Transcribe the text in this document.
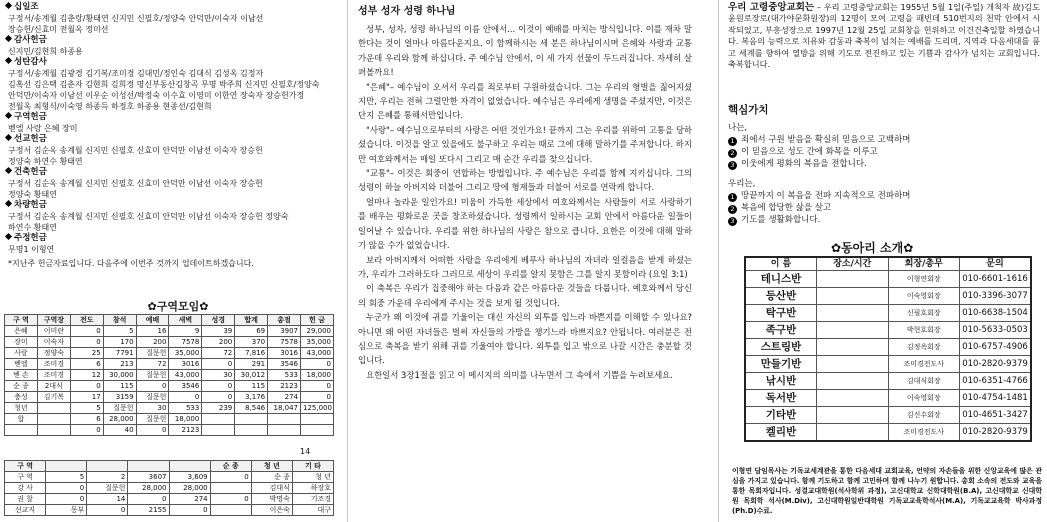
십일조
구정서/송계월 김춘랑/황태연 신지민 신필호/정양숙 안덕만/이숙자 이남선
장승헌/신효미 전월옥 정미선
감사헌금
신지민/김현희 하종용
성탄감사
구정서/송계월 김광경 김기복/조미경 김대민/정인숙 김대식 김성옥 김정자
김혹선 김은택 김춘자 김현희 김희정 명신부동산김창곡 무명 박주희 신지민 신필호/정양숙
안덕만/이숙자 이남선 이우순 이성선/박정숙 이수효 이영미 이한연 장숙자 장승헌가정
전월옥 최형식/이숙영 하종득 하정호 하종용 현종선/김현희
구역헌금
벧엘 사랑 은혜 장미
선교헌금
구정서 김순옥 송계월 신지민 신필호 신효미 안덕만 이남선 이숙자 장승헌
정양숙 하연수 황태연
건축헌금
구정서 김순옥 송계월 신지민 신필호 신효미 안덕만 이남선 이숙자 장승헌
정양숙 황태연
차량헌금
구정서 김순옥 송계월 신지민 신필호 신효미 안덕만 이남선 이숙자 장승헌 정양숙
하연수 황태연
주정헌금
무명1 이형연
*지난주 헌금자료입니다. 다음주에 이번주 것까지 업데이트하겠습니다.
✿구역모임✿
구 역	구역장	전도	참석	예배	새벽	성경	합계	총점	헌 금
은혜	이미란	0	5	16	9	39	69	3907	29,000
장미	이숙자	0	170	200	7578	200	370	7578	35,000
사랑	정양숙	25	7791	질문헌	35,000	72	7,816	3016	43,000
벧엘	조미경	6	213	72	3016	0	291	3546	0
벧 손	조미경	12	30,000	질문헌	43,000	30	30,012	533	18,000
순 종	2대식	0	115	0	3546	0	115	2123	0
충성	김기복	17	3159	질문헌	0	0	3,176	274	0
청년		5	질문헌	30	533	239	8,546	18,047	125,000
합		6	28,000	질문헌	18,000				
		0	40	0	2123				
14
구 역					순 종	청 년	기 타
구 역	5	2	3607	3,609	0	순 종	청 년
강 사	0	질문헌	28,000	28,000		김대식	하장호
권 찰	0	14	0	274	0	박명숙	기조경
선교지	동부	0	2155	0		이은숙	대구
성부 성자 성령 하나님

성부, 성자, 성령 하나님의 이름 안에서... 이것이 예배를 마치는 방식입니다. 이를 재차 말한다는 것이 얼마나 아름다운지요. 이 함께하시는 세 분은 하나님이시며 은혜와 사랑과 교통 가운데 우리와 함께 하십니다. 주 예수님 안에서, 이 세 가지 선물이 두드러집니다. 자세히 살펴볼까요!

"은혜"– 예수님이 오셔서 우리를 죄로부터 구원하셨습니다. 그는 우리의 형벌을 짊어지셨지만, 우리는 전혀 그럴만한 자격이 없었습니다. 예수님은 우리에게 생명을 주셨지만, 이것은 단지 은혜를 통해서만입니다.

"사랑"– 예수님으로부터의 사랑은 어떤 것인가요! 끝까지 그는 우리를 위하여 고통을 당하셨습니다. 이것을 알고 있을에도 불구하고 우리는 때로 그에 대해 말하기를 주저합니다. 하지만 여호와께서는 매일 또다시 그리고 매 순간 우리를 찾으십니다.

"교통"– 이것은 회중이 연합하는 방법입니다. 주 예수님은 우리를 함께 지키십니다. 그의 성령이 하늘 아버지와 더불어 그리고 땅에 형제들과 더불어 서로를 연락케 합니다.

얼마나 놀라운 일인가요! 미움이 가득한 세상에서 여호와께서는 사람들이 서로 사랑하기를 배우는 평화로운 곳을 창조하셨습니다. 성령께서 일하시는 교회 안에서 아름다운 일들이 일어날 수 있습니다. 우리를 위한 하나님의 사랑은 참으로 큽니다. 요한은 이것에 대해 말하기 않을 수가 없었습니다.

보라 아버지께서 어떠한 사랑을 우리에게 베푸사 하나님의 자녀라 일컬음을 받게 하셨는가, 우리가 그러하도다 그러므로 세상이 우리를 알지 못함은 그를 알지 못함이라 (요일 3:1)

이 축복은 우리가 집중해야 하는 다음과 같은 아름다운 것들을 다룹니다. 예호와께서 당신의 회중 가운데 우리에게 주시는 것을 보게 될 것입니다.

누군가 왜 이것에 귀를 기울이는 대신 자신의 외투를 입느라 바쁜지를 이해할 수 있나요? 아니면 왜 어떤 자녀들은 벌써 자신들의 가방을 챙기느라 바쁘지요? 안됩니다. 여러분은 전심으로 축복을 받기 위해 귀를 기울여야 합니다. 외투를 입고 밖으로 나갈 시간은 충분할 것입니다.

요한일서 3장1절을 읽고 이 메시지의 의미를 나누면서 그 속에서 기쁨을 누려보세요.

우리 고령중앙교회는 – 우리 고령중앙교회는 1955년 5월 1일(주일) 개척자 故)김도윤원로장로(대가야문화원장)의 12명이 모여 고령을 패빈데 510번지의 천막 안에서 시작되었고, 부흥성장으로 1997년 12월 25일 교회창을 헌위하고 이건건축일할 하였습니다. 복음의 능력으로 치유와 감동과 축복이 넘치는 예배를 드리며, 지역과 다음세대를 품고 세계를 향하여 열방을 위해 기도로 전진하고 있는 기쁨과 감사가 넘치는 교회입니다. 축복합니다.
핵심가치
나는,
1 죄에서 구원 받음을 확실히 믿음으로 고백하며
2 이 믿음으로 성도 간에 화목을 이루고
3 이웃에게 평화의 복음을 전합니다.
우리는,
1 땅끝까지 이 복음을 전파 지속적으로 전파하며
2 복음에 합당한 삶을 살고
3 기도를 생활화합니다.
✿동아리 소개✿
이 름	장소/시간	회장/총무	문의
테니스반		이형연회장	010-6601-1616
등산반		이숙영회장	010-3396-3077
탁구반		신필호회장	010-6638-1504
족구반		박현호회장	010-5633-0503
스트링반		김정옥회장	010-6757-4906
만들기반		조미경전도사	010-2820-9379
낚시반		김대식회장	010-6351-4766
독서반		이숙영회장	010-4754-1481
기타반		김신수회장	010-4651-3427
켈리반		조미경전도사	010-2820-9379
이형연 담임목사는 기독교세계관을 통한 다음세대 교회교육, 언약의 자손들을 위한 신앙교육에 많은 관심을 가지고 있습니다. 함께 기도하고 함께 고민하며 함께 나누기 원합니다. 총회 소속의 전도와 교육을 통한 목회자입니다. 성결교대학원(석사학위 과정), 고신대학교 신학대학원(B.A), 고신대학교 신대학원 목회학 석사(M.Div), 고신대학원일반대학원 기독교교육학석사(M.A), 기독교교육학 박사과정(Ph.D)수료.
